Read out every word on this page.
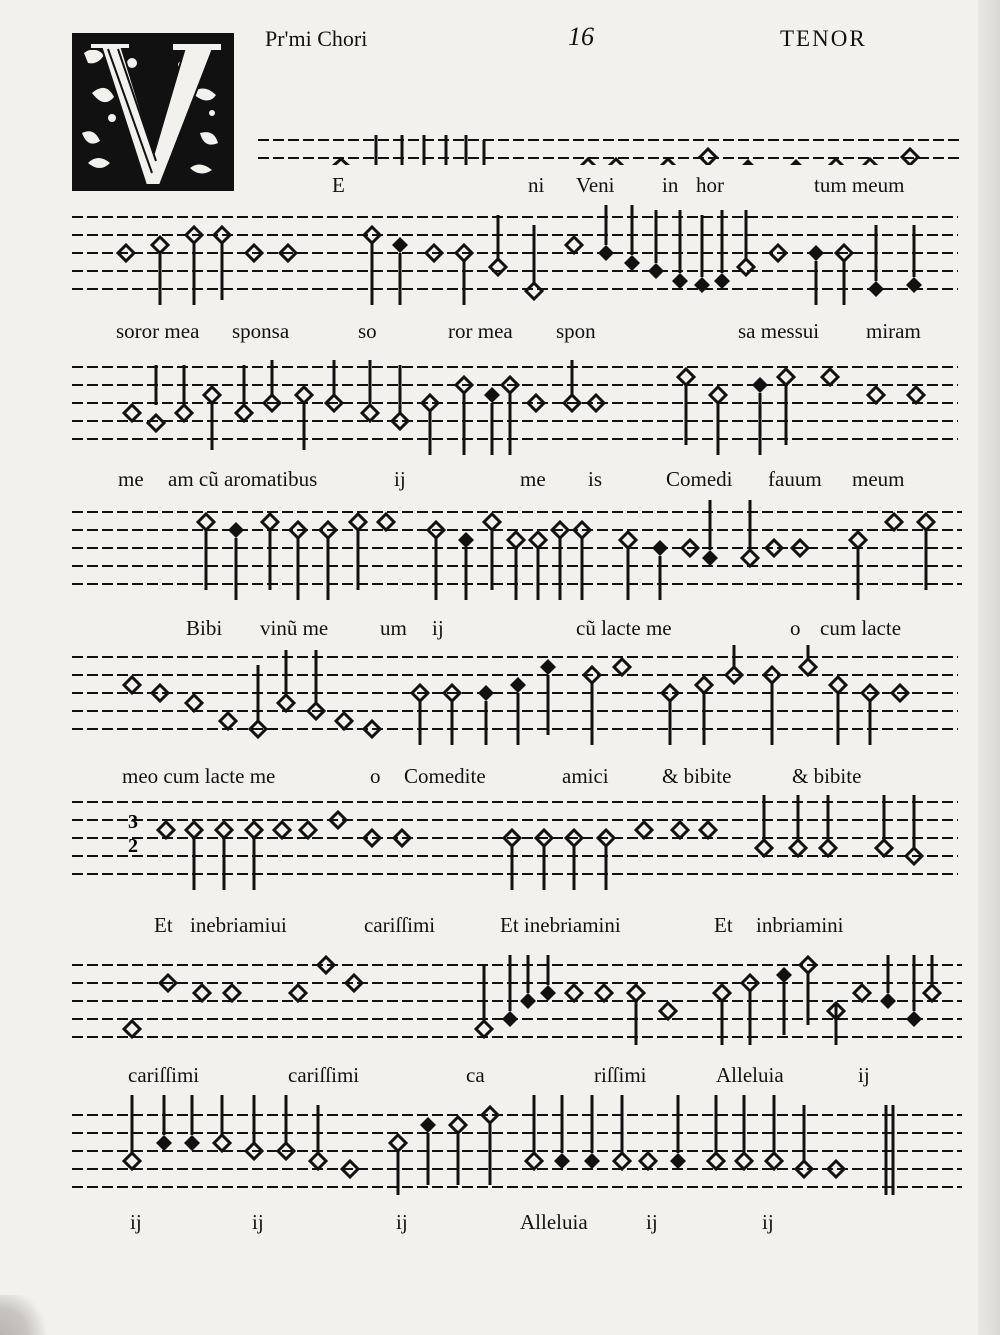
Pr'mi Chori	16	TENOR
3
2
E	ni Veni in hor	tum meum
soror mea sponsa	so	ror mea spon	sa messui miram
me am cũ aromatibus	ij	me is	Comedi fauum meum
Bibi vinũ me um ij	cũ lacte me	o cum lacte
meo cum lacte me	o Comedite	amici	& bibite	& bibite
Et inebriamiui	cariſſimi	Et inebriamini	Et inbriamini
cariſſimi	cariſſimi	ca	riſſimi	Alleluia	ij
ij	ij	ij	Alleluia	ij	ij
